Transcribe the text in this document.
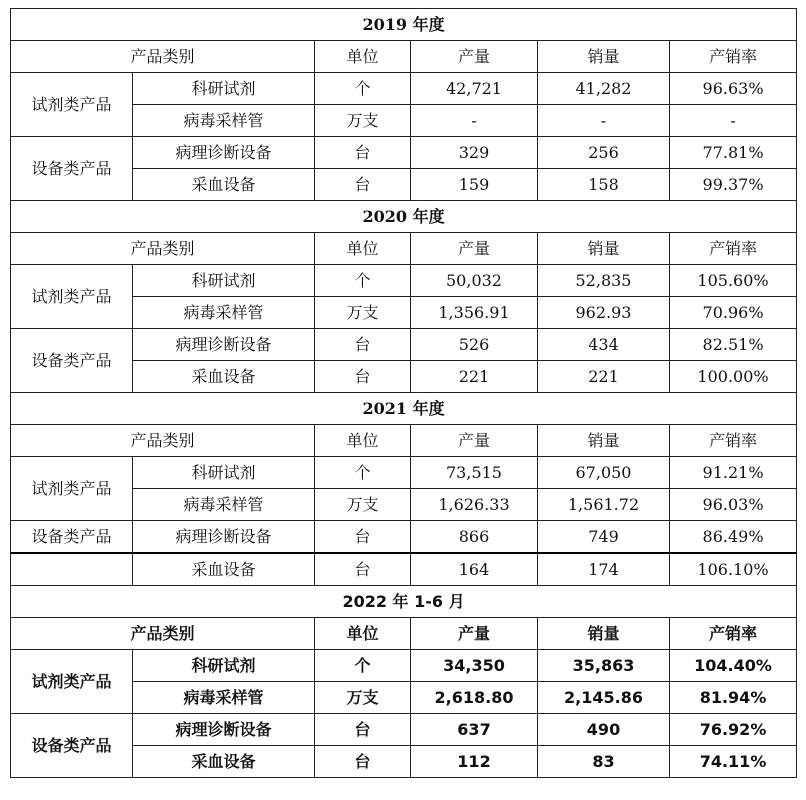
2019 年度					
产品类别		单位	产量	销量	产销率
试剂类产品	科研试剂	个	42,721	41,282	96.63%
	病毒采样管	万支	-	-	-
设备类产品	病理诊断设备	台	329	256	77.81%
	采血设备	台	159	158	99.37%
2020 年度					
产品类别		单位	产量	销量	产销率
试剂类产品	科研试剂	个	50,032	52,835	105.60%
	病毒采样管	万支	1,356.91	962.93	70.96%
设备类产品	病理诊断设备	台	526	434	82.51%
	采血设备	台	221	221	100.00%
2021 年度					
产品类别		单位	产量	销量	产销率
试剂类产品	科研试剂	个	73,515	67,050	91.21%
	病毒采样管	万支	1,626.33	1,561.72	96.03%
设备类产品	病理诊断设备	台	866	749	86.49%
	采血设备	台	164	174	106.10%
2022 年 1-6 月					
产品类别		单位	产量	销量	产销率
试剂类产品	科研试剂	个	34,350	35,863	104.40%
	病毒采样管	万支	2,618.80	2,145.86	81.94%
设备类产品	病理诊断设备	台	637	490	76.92%
	采血设备	台	112	83	74.11%
